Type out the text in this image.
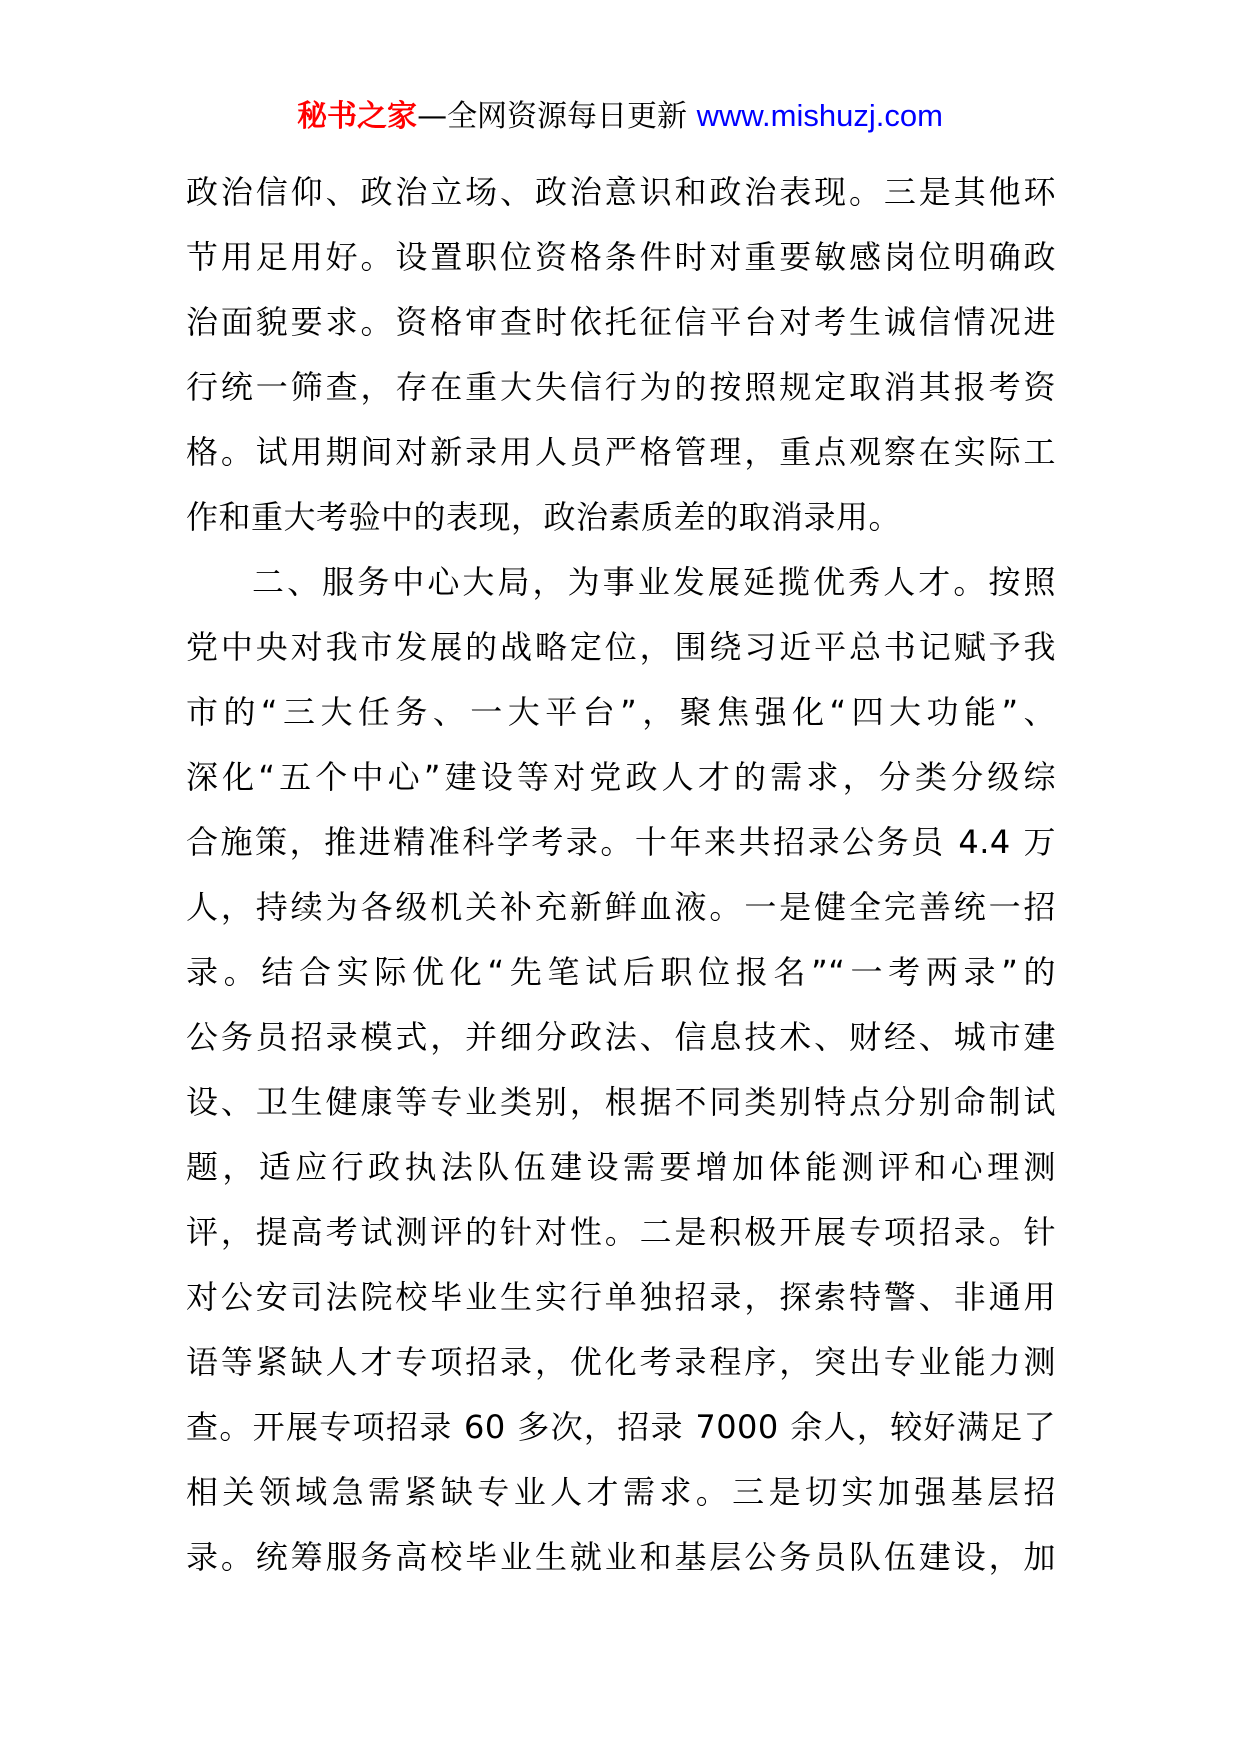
秘书之家—全网资源每日更新 www.mishuzj.com
政治信仰、政治立场、政治意识和政治表现。三是其他环
节用足用好。设置职位资格条件时对重要敏感岗位明确政
治面貌要求。资格审查时依托征信平台对考生诚信情况进
行统一筛查，存在重大失信行为的按照规定取消其报考资
格。试用期间对新录用人员严格管理，重点观察在实际工
作和重大考验中的表现，政治素质差的取消录用。
二、服务中心大局，为事业发展延揽优秀人才。按照
党中央对我市发展的战略定位，围绕习近平总书记赋予我
市的“三大任务、一大平台”，聚焦强化“四大功能”、
深化“五个中心”建设等对党政人才的需求，分类分级综
合施策，推进精准科学考录。十年来共招录公务员 4.4 万
人，持续为各级机关补充新鲜血液。一是健全完善统一招
录。结合实际优化“先笔试后职位报名”“一考两录”的
公务员招录模式，并细分政法、信息技术、财经、城市建
设、卫生健康等专业类别，根据不同类别特点分别命制试
题，适应行政执法队伍建设需要增加体能测评和心理测
评，提高考试测评的针对性。二是积极开展专项招录。针
对公安司法院校毕业生实行单独招录，探索特警、非通用
语等紧缺人才专项招录，优化考录程序，突出专业能力测
查。开展专项招录 60 多次，招录 7000 余人，较好满足了
相关领域急需紧缺专业人才需求。三是切实加强基层招
录。统筹服务高校毕业生就业和基层公务员队伍建设，加
